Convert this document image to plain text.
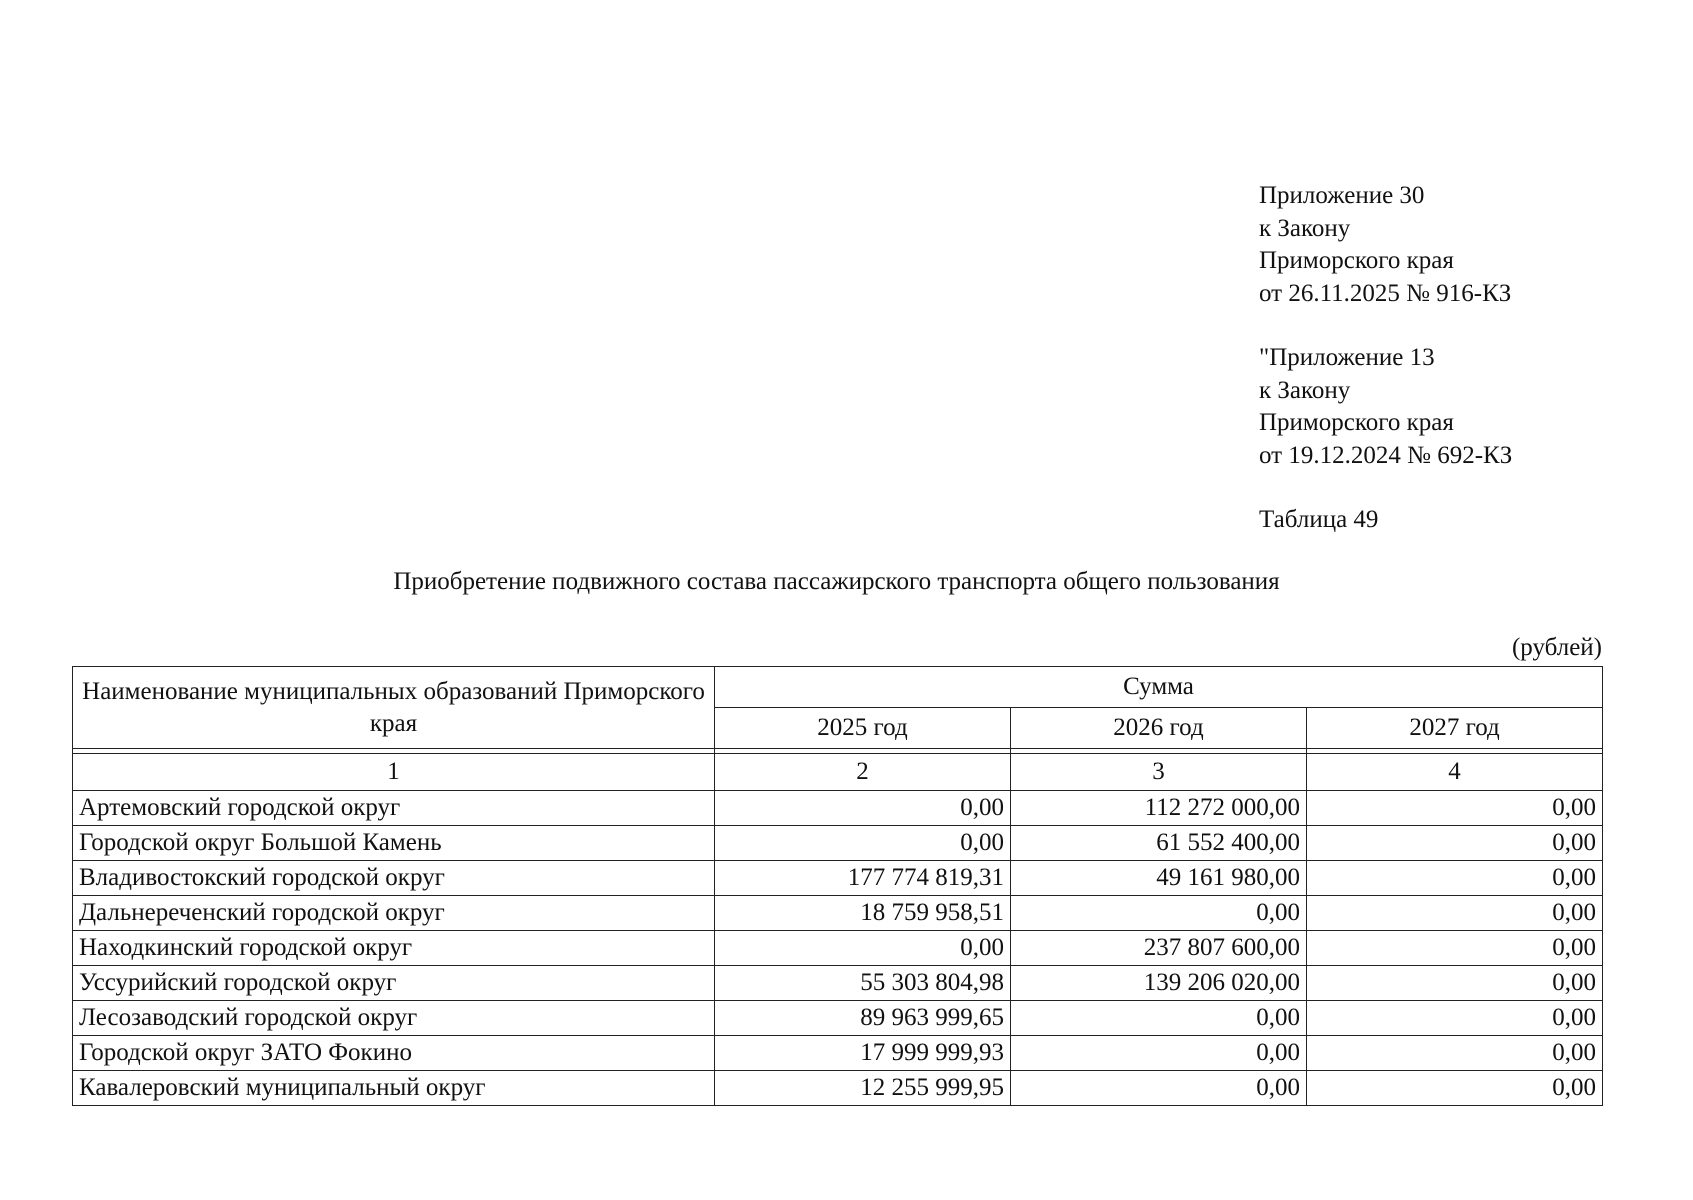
Приложение 30
к Закону
Приморского края
от 26.11.2025 № 916-КЗ
"Приложение 13
к Закону
Приморского края
от 19.12.2024 № 692-КЗ
Таблица 49
Приобретение подвижного состава пассажирского транспорта общего пользования
(рублей)
Наименование муниципальных образований Приморского края	Сумма		
	2025 год	2026 год	2027 год

1	2	3	4
Артемовский городской округ	0,00	112 272 000,00	0,00
Городской округ Большой Камень	0,00	61 552 400,00	0,00
Владивостокский городской округ	177 774 819,31	49 161 980,00	0,00
Дальнереченский городской округ	18 759 958,51	0,00	0,00
Находкинский городской округ	0,00	237 807 600,00	0,00
Уссурийский городской округ	55 303 804,98	139 206 020,00	0,00
Лесозаводский городской округ	89 963 999,65	0,00	0,00
Городской округ ЗАТО Фокино	17 999 999,93	0,00	0,00
Кавалеровский муниципальный округ	12 255 999,95	0,00	0,00
